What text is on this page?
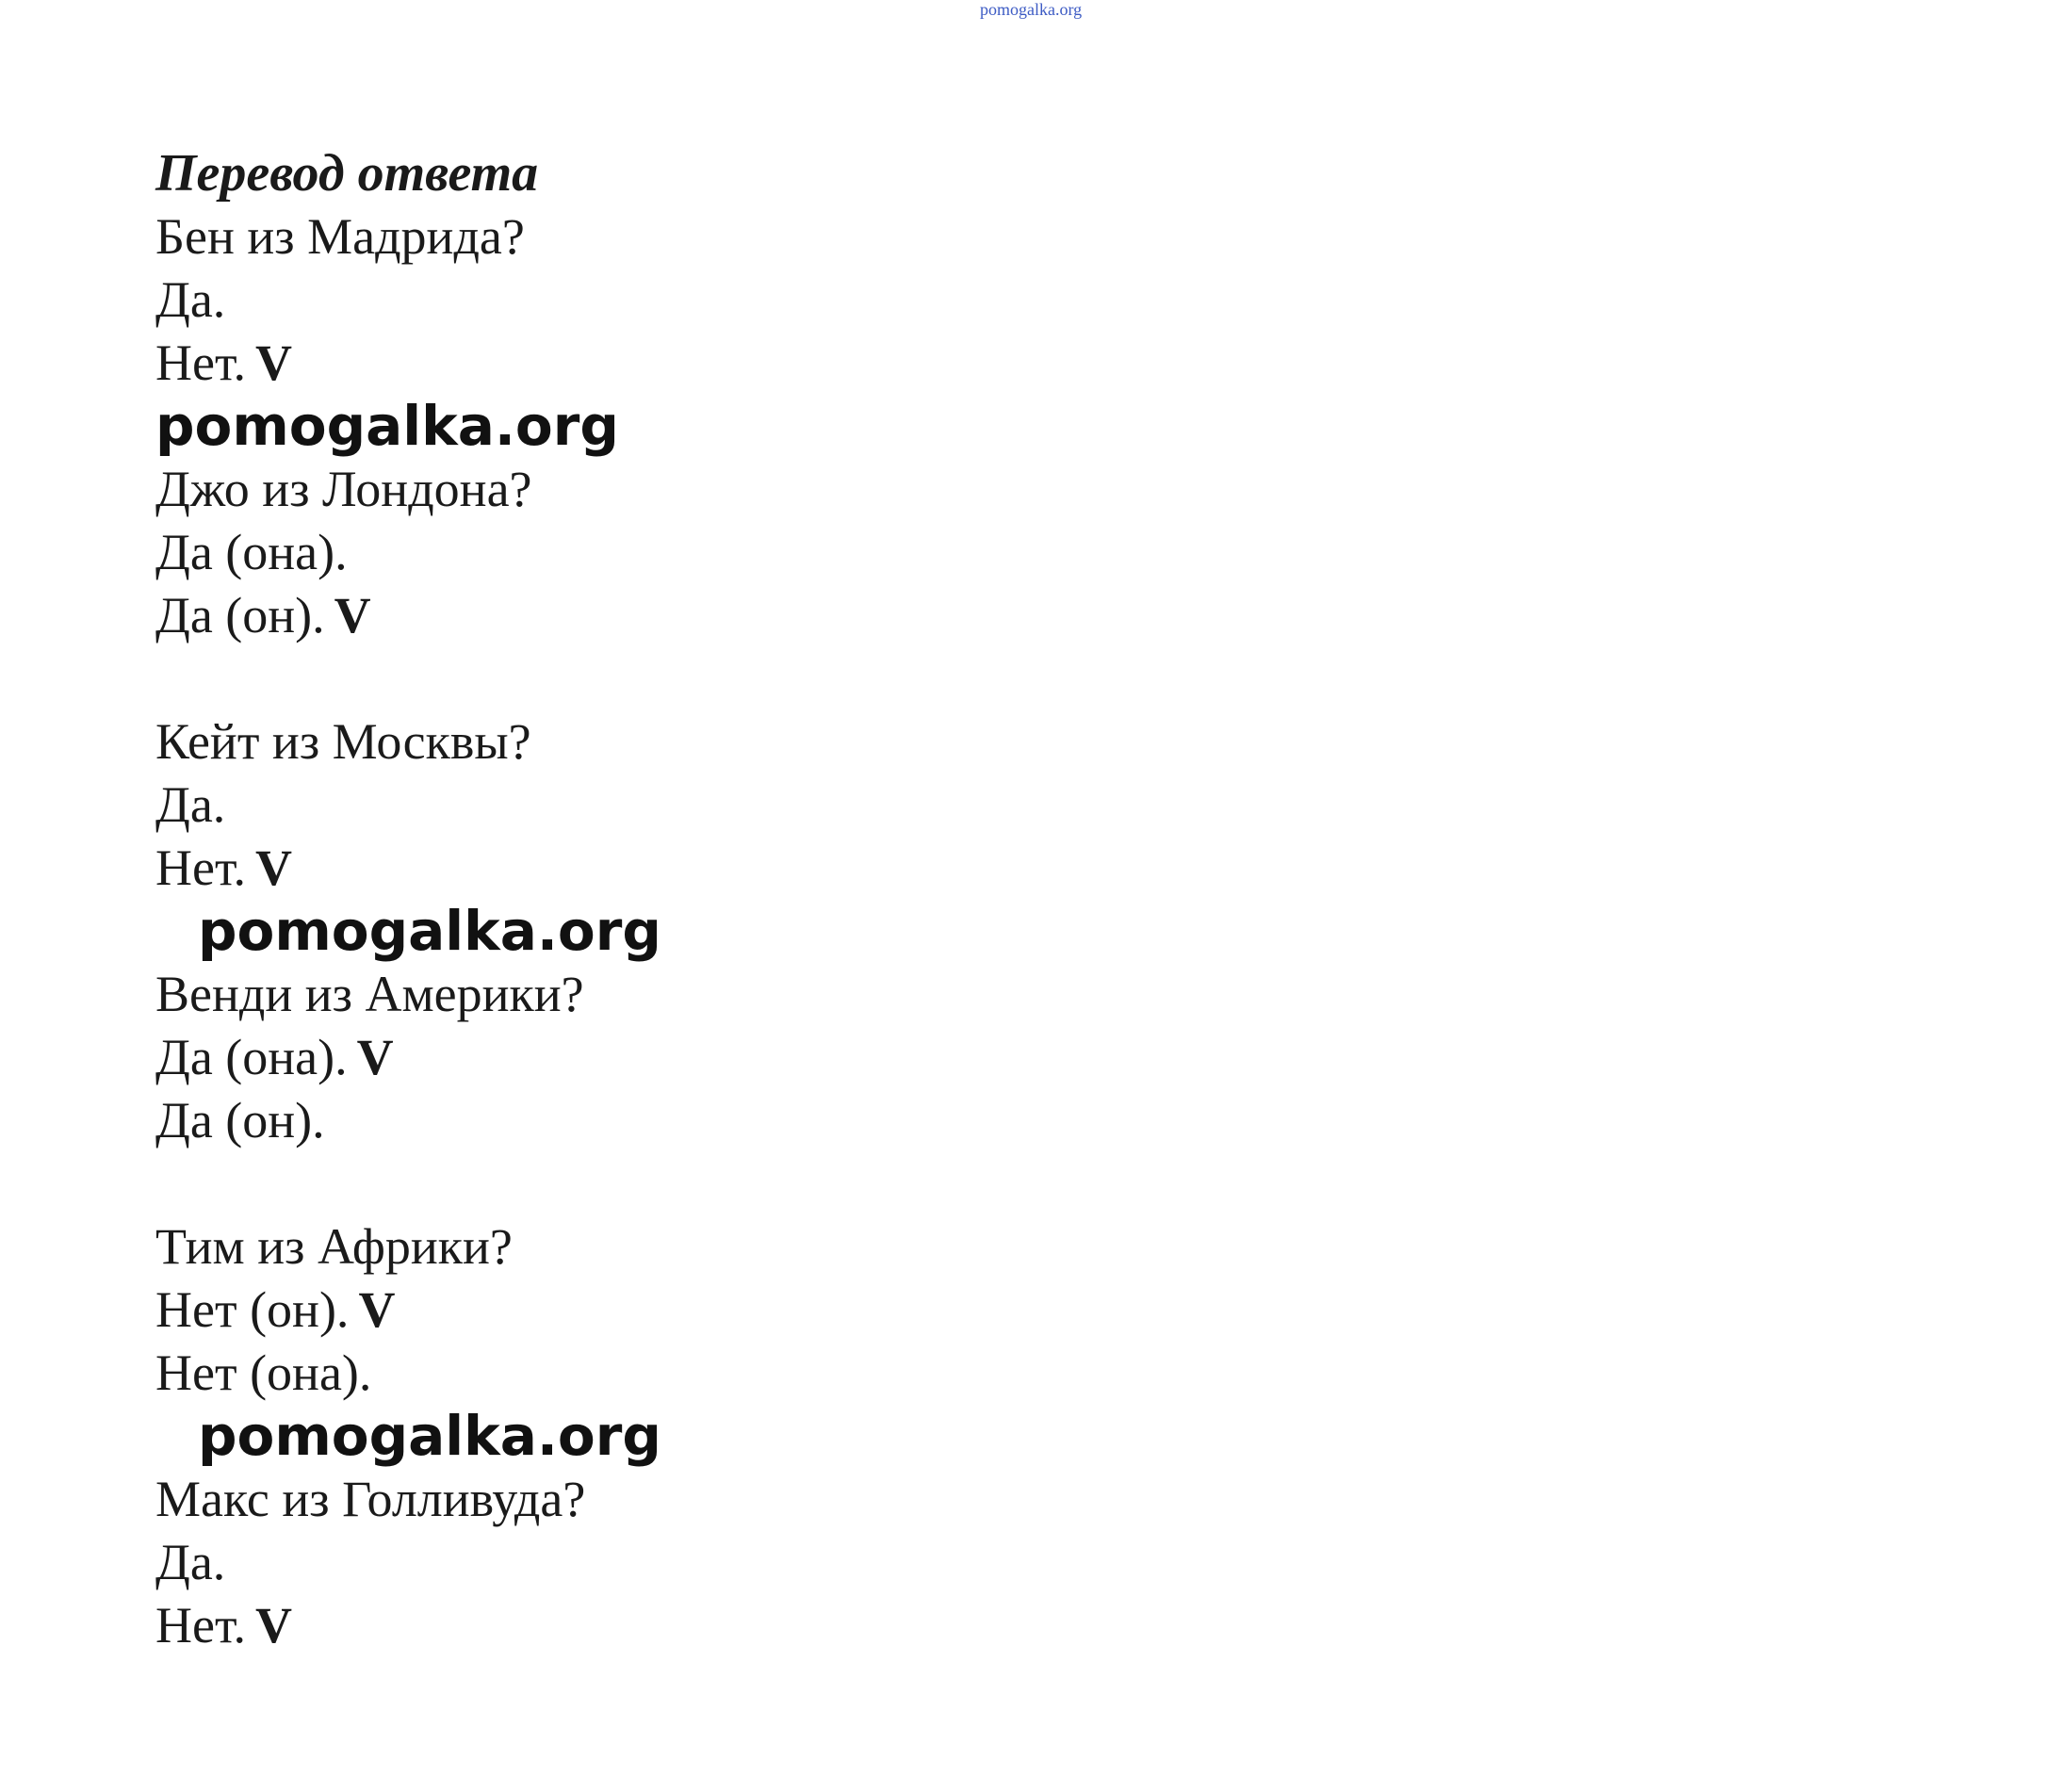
pomogalka.org
Перевод ответа
Бен из Мадрида?
Да.
Нет. V
pomogalka.org
Джо из Лондона?
Да (она).
Да (он). V
Кейт из Москвы?
Да.
Нет. V
pomogalka.org
Венди из Америки?
Да (она). V
Да (он).
Тим из Африки?
Нет (он). V
Нет (она).
pomogalka.org
Макс из Голливуда?
Да.
Нет. V
